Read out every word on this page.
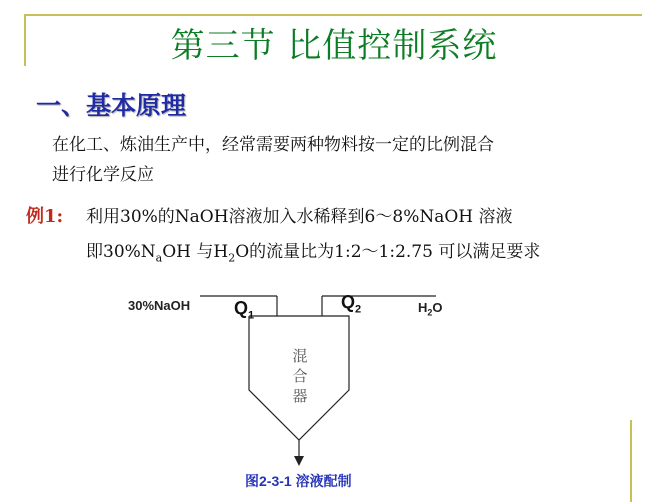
第三节 比值控制系统
一、基本原理
在化工、炼油生产中，经常需要两种物料按一定的比例混合
进行化学反应
例1: 利用30%的NaOH溶液加入水稀释到6～8%NaOH 溶液
即$30\%N_aOH$ 与$H_2O$的流量比为1:2～1:2.75 可以满足要求
30%NaOH $Q_1$
$Q_2$	$H_2O$
混
合
器
图2-3-1 溶液配制
